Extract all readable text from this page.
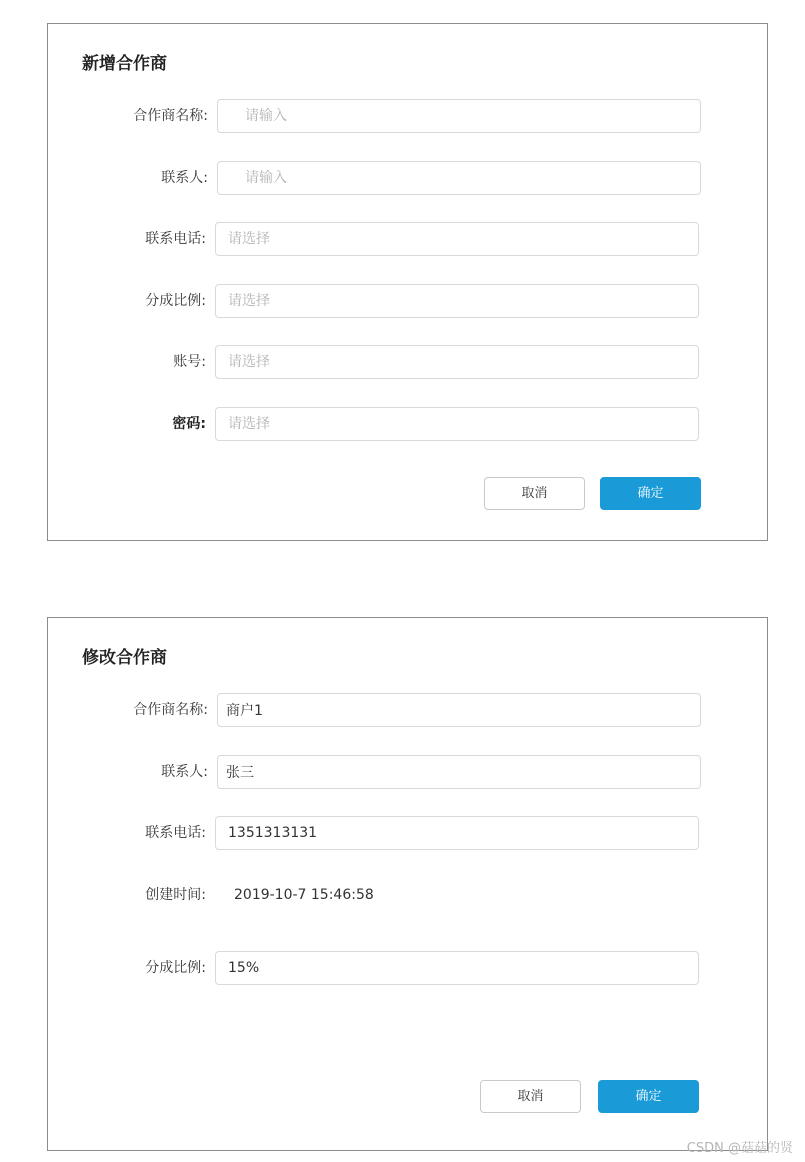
新增合作商
合作商名称:
请输入
联系人:
请输入
联系电话:
请选择
分成比例:
请选择
账号:
请选择
密码:
请选择
取消	确定
修改合作商
合作商名称:
商户1
联系人:
张三
联系电话:
1351313131
创建时间: 2019-10-7 15:46:58
分成比例:
15%
取消	确定
CSDN @菇菇的贤
